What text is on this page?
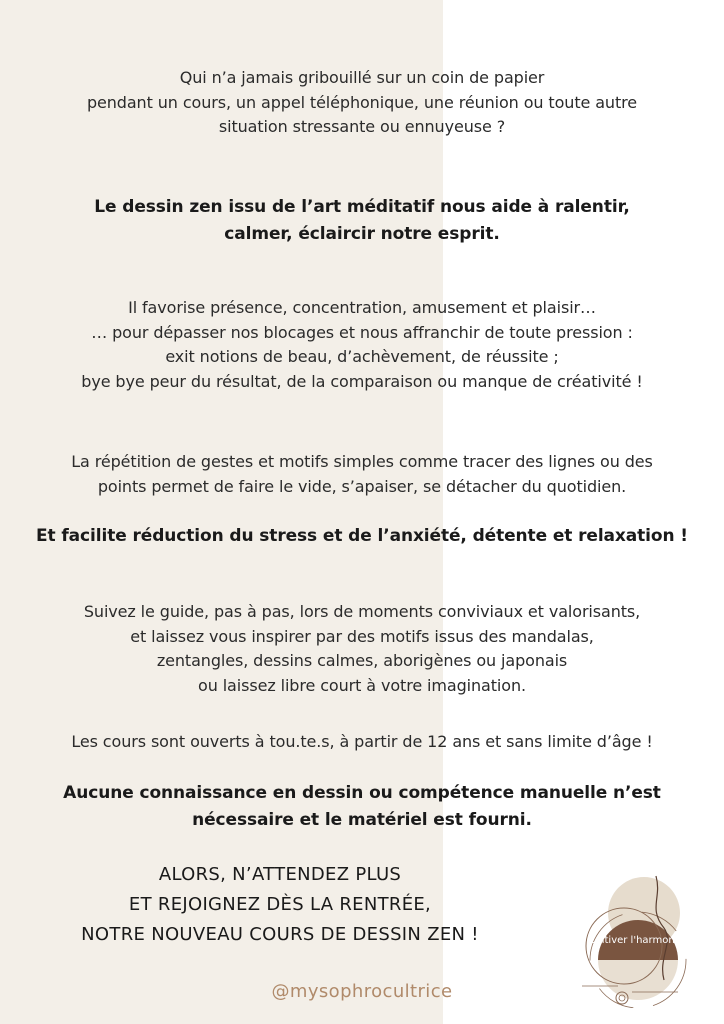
Qui n’a jamais gribouillé sur un coin de papier
pendant un cours, un appel téléphonique, une réunion ou toute autre
situation stressante ou ennuyeuse ?
Le dessin zen issu de l’art méditatif nous aide à ralentir,
calmer, éclaircir notre esprit.
Il favorise présence, concentration, amusement et plaisir…
… pour dépasser nos blocages et nous affranchir de toute pression :
exit notions de beau, d’achèvement, de réussite ;
bye bye peur du résultat, de la comparaison ou manque de créativité !
La répétition de gestes et motifs simples comme tracer des lignes ou des
points permet de faire le vide, s’apaiser, se détacher du quotidien.
Et facilite réduction du stress et de l’anxiété, détente et relaxation !
Suivez le guide, pas à pas, lors de moments conviviaux et valorisants,
et laissez vous inspirer par des motifs issus des mandalas,
zentangles, dessins calmes, aborigènes ou japonais
ou laissez libre court à votre imagination.
Les cours sont ouverts à tou.te.s, à partir de 12 ans et sans limite d’âge !
Aucune connaissance en dessin ou compétence manuelle n’est
nécessaire et le matériel est fourni.
ALORS, N’ATTENDEZ PLUS
ET REJOIGNEZ DÈS LA RENTRÉE,
NOTRE NOUVEAU COURS DE DESSIN ZEN !
@mysophrocultrice
Cultiver l'harmonie
